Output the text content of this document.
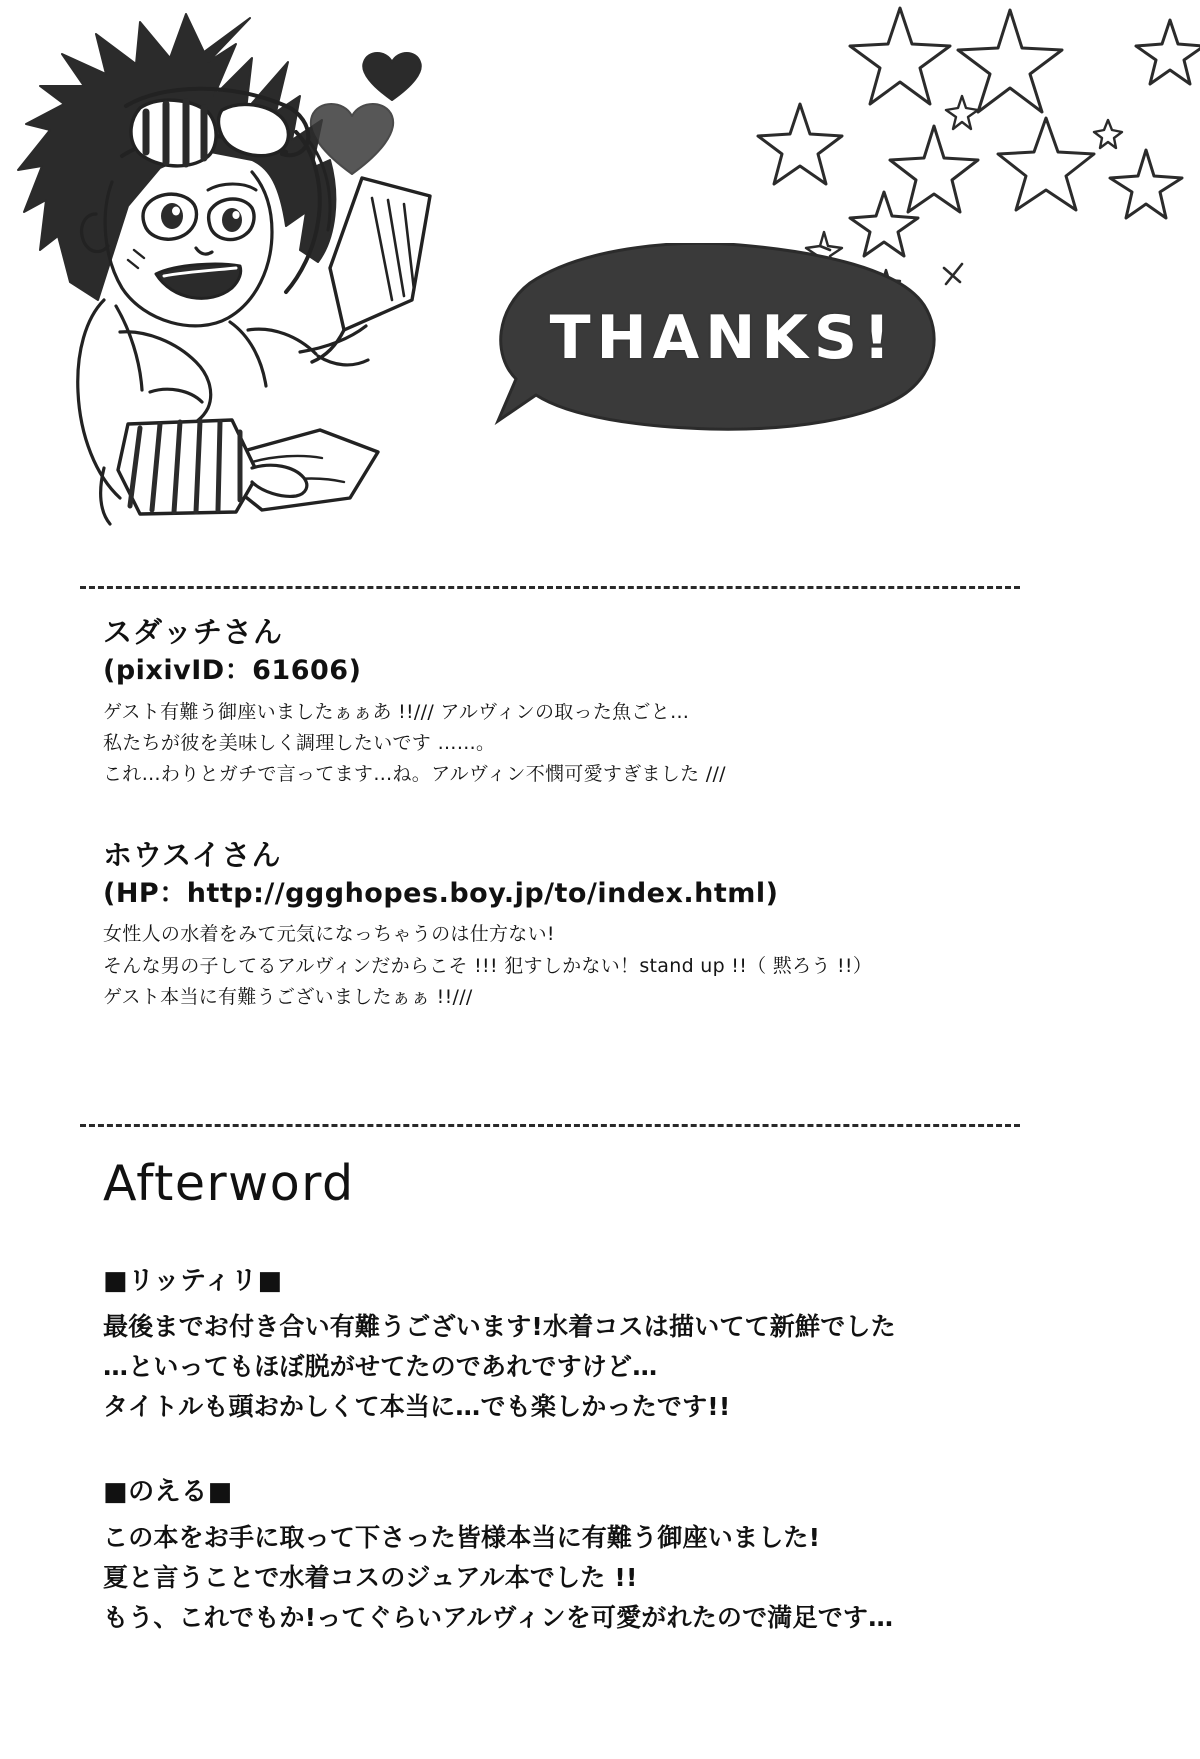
THANKS!
スダッチさん
(pixivID：61606)
ゲスト有難う御座いましたぁぁあ !!/// アルヴィンの取った魚ごと…
私たちが彼を美味しく調理したいです ……。
これ…わりとガチで言ってます…ね。アルヴィン不憫可愛すぎました ///
ホウスイさん
(HP：http://ggghopes.boy.jp/to/index.html)
女性人の水着をみて元気になっちゃうのは仕方ない!
そんな男の子してるアルヴィンだからこそ !!! 犯すしかない！stand up !!（ 黙ろう !!）
ゲスト本当に有難うございましたぁぁ !!///
Afterword
■リッティリ■
最後までお付き合い有難うございます!水着コスは描いてて新鮮でした
…といってもほぼ脱がせてたのであれですけど…
タイトルも頭おかしくて本当に…でも楽しかったです!!
■のえる■
この本をお手に取って下さった皆様本当に有難う御座いました!
夏と言うことで水着コスのジュアル本でした !!
もう、これでもか!ってぐらいアルヴィンを可愛がれたので満足です…
